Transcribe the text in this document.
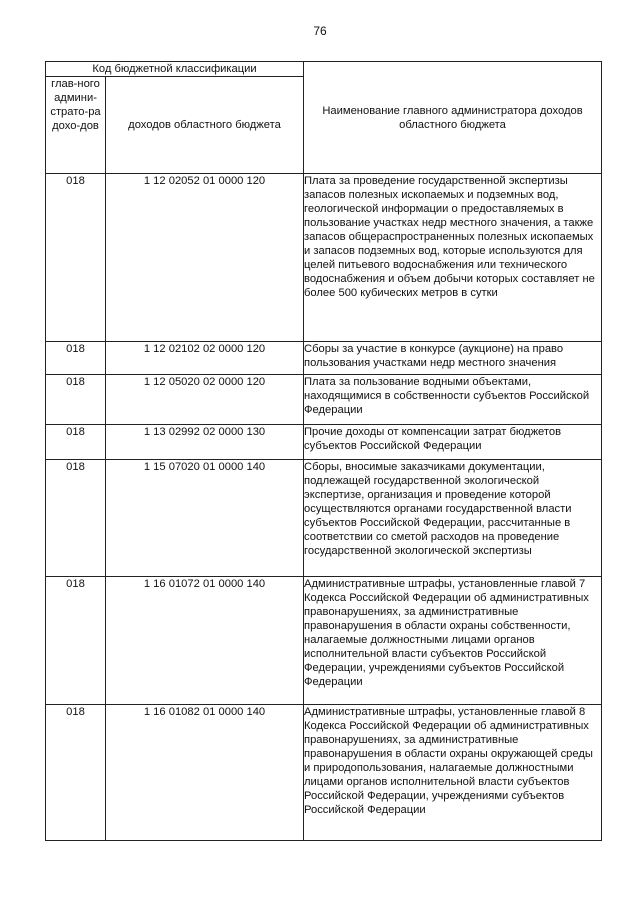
76
Код бюджетной классификации		Наименование главного администратора доходов областного бюджета

глав-ного админи-страто-ра дохо-дов	доходов областного бюджета	
018	1 12 02052 01 0000 120	Плата за проведение государственной экспертизы запасов полезных ископаемых и подземных вод, геологической информации о предоставляемых в пользование участках недр местного значения, а также запасов общераспространенных полезных ископаемых и запасов подземных вод, которые используются для целей питьевого водоснабжения или технического водоснабжения и объем добычи которых составляет не более 500 кубических метров в сутки
018	1 12 02102 02 0000 120	Сборы за участие в конкурсе (аукционе) на право пользования участками недр местного значения
018	1 12 05020 02 0000 120	Плата за пользование водными объектами, находящимися в собственности субъектов Российской Федерации
018	1 13 02992 02 0000 130	Прочие доходы от компенсации затрат бюджетов субъектов Российской Федерации
018	1 15 07020 01 0000 140	Сборы, вносимые заказчиками документации, подлежащей государственной экологической экспертизе, организация и проведение которой осуществляются органами государственной власти субъектов Российской Федерации, рассчитанные в соответствии со сметой расходов на проведение государственной экологической экспертизы
018	1 16 01072 01 0000 140	Административные штрафы, установленные главой 7 Кодекса Российской Федерации об административных правонарушениях, за административные правонарушения в области охраны собственности, налагаемые должностными лицами органов исполнительной власти субъектов Российской Федерации, учреждениями субъектов Российской Федерации
018	1 16 01082 01 0000 140	Административные штрафы, установленные главой 8 Кодекса Российской Федерации об административных правонарушениях, за административные правонарушения в области охраны окружающей среды и природопользования, налагаемые должностными лицами органов исполнительной власти субъектов Российской Федерации, учреждениями субъектов Российской Федерации
